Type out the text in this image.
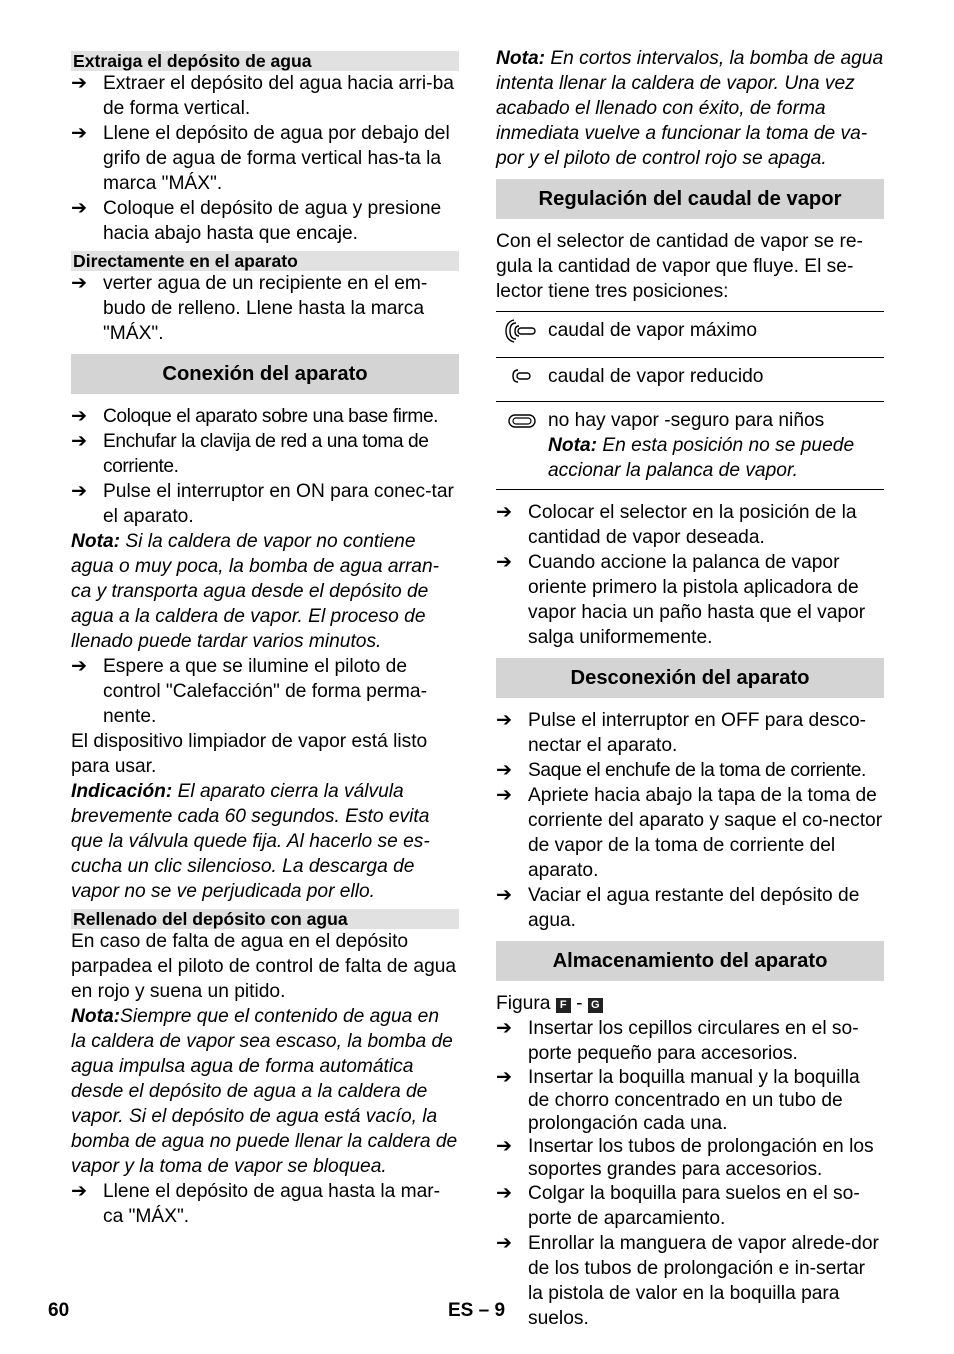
Extraiga el depósito de agua
➔ Extraer el depósito del agua hacia arri-ba de forma vertical.
➔ Llene el depósito de agua por debajo del grifo de agua de forma vertical has-ta la marca "MÁX".
➔ Coloque el depósito de agua y presione hacia abajo hasta que encaje.
Directamente en el aparato
➔ verter agua de un recipiente en el em-budo de relleno. Llene hasta la marca "MÁX".
Conexión del aparato
➔ Coloque el aparato sobre una base firme.
➔ Enchufar la clavija de red a una toma de corriente.
➔ Pulse el interruptor en ON para conec-tar el aparato.
Nota: Si la caldera de vapor no contiene agua o muy poca, la bomba de agua arran-ca y transporta agua desde el depósito de agua a la caldera de vapor. El proceso de llenado puede tardar varios minutos.
➔ Espere a que se ilumine el piloto de control "Calefacción" de forma perma-nente.
El dispositivo limpiador de vapor está listo para usar.
Indicación: El aparato cierra la válvula brevemente cada 60 segundos. Esto evita que la válvula quede fija. Al hacerlo se es-cucha un clic silencioso. La descarga de vapor no se ve perjudicada por ello.
Rellenado del depósito con agua
En caso de falta de agua en el depósito parpadea el piloto de control de falta de agua en rojo y suena un pitido.
Nota:Siempre que el contenido de agua en la caldera de vapor sea escaso, la bomba de agua impulsa agua de forma automática desde el depósito de agua a la caldera de vapor. Si el depósito de agua está vacío, la bomba de agua no puede llenar la caldera de vapor y la toma de vapor se bloquea.
➔ Llene el depósito de agua hasta la mar-ca "MÁX".
Nota: En cortos intervalos, la bomba de agua intenta llenar la caldera de vapor. Una vez acabado el llenado con éxito, de forma inmediata vuelve a funcionar la toma de va-por y el piloto de control rojo se apaga.
Regulación del caudal de vapor
Con el selector de cantidad de vapor se re-gula la cantidad de vapor que fluye. El se-lector tiene tres posiciones:
	caudal de vapor máximo
	caudal de vapor reducido

no hay vapor -seguro para niños
Nota: En esta posición no se puede accionar la palanca de vapor.
➔ Colocar el selector en la posición de la cantidad de vapor deseada.
➔ Cuando accione la palanca de vapor oriente primero la pistola aplicadora de vapor hacia un paño hasta que el vapor salga uniformemente.
Desconexión del aparato
➔ Pulse el interruptor en OFF para desco-nectar el aparato.
➔ Saque el enchufe de la toma de corriente.
➔ Apriete hacia abajo la tapa de la toma de corriente del aparato y saque el co-nector de vapor de la toma de corriente del aparato.
➔ Vaciar el agua restante del depósito de agua.
Almacenamiento del aparato
Figura F - G
➔ Insertar los cepillos circulares en el so-porte pequeño para accesorios.
➔ Insertar la boquilla manual y la boquilla de chorro concentrado en un tubo de prolongación cada una.
➔ Insertar los tubos de prolongación en los soportes grandes para accesorios.
➔ Colgar la boquilla para suelos en el so-porte de aparcamiento.
➔ Enrollar la manguera de vapor alrede-dor de los tubos de prolongación e in-sertar la pistola de valor en la boquilla para suelos.
60	ES – 9
